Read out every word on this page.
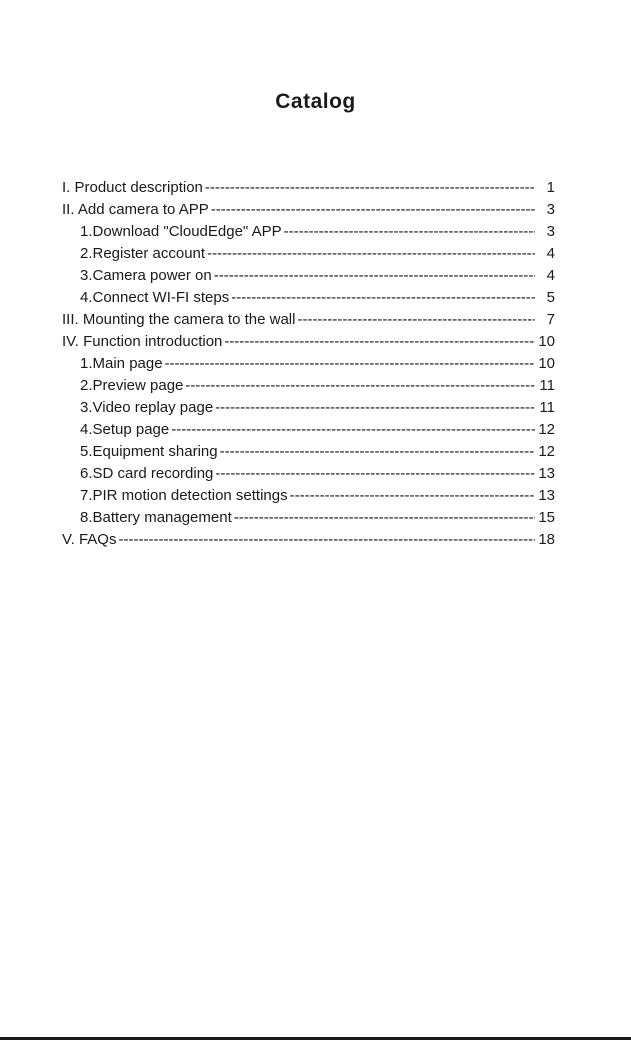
Catalog
I. Product description -----	1
II. Add camera to APP -----	3
1.Download "CloudEdge" APP -----	3
2.Register account -----	4
3.Camera power on -----	4
4.Connect WI-FI steps -----	5
III. Mounting the camera to the wall -----	7
IV. Function introduction -----	10
1.Main page -----	10
2.Preview page -----	11
3.Video replay page -----	11
4.Setup page -----	12
5.Equipment sharing -----	12
6.SD card recording -----	13
7.PIR motion detection settings -----	13
8.Battery management -----	15
V. FAQs -----	18
